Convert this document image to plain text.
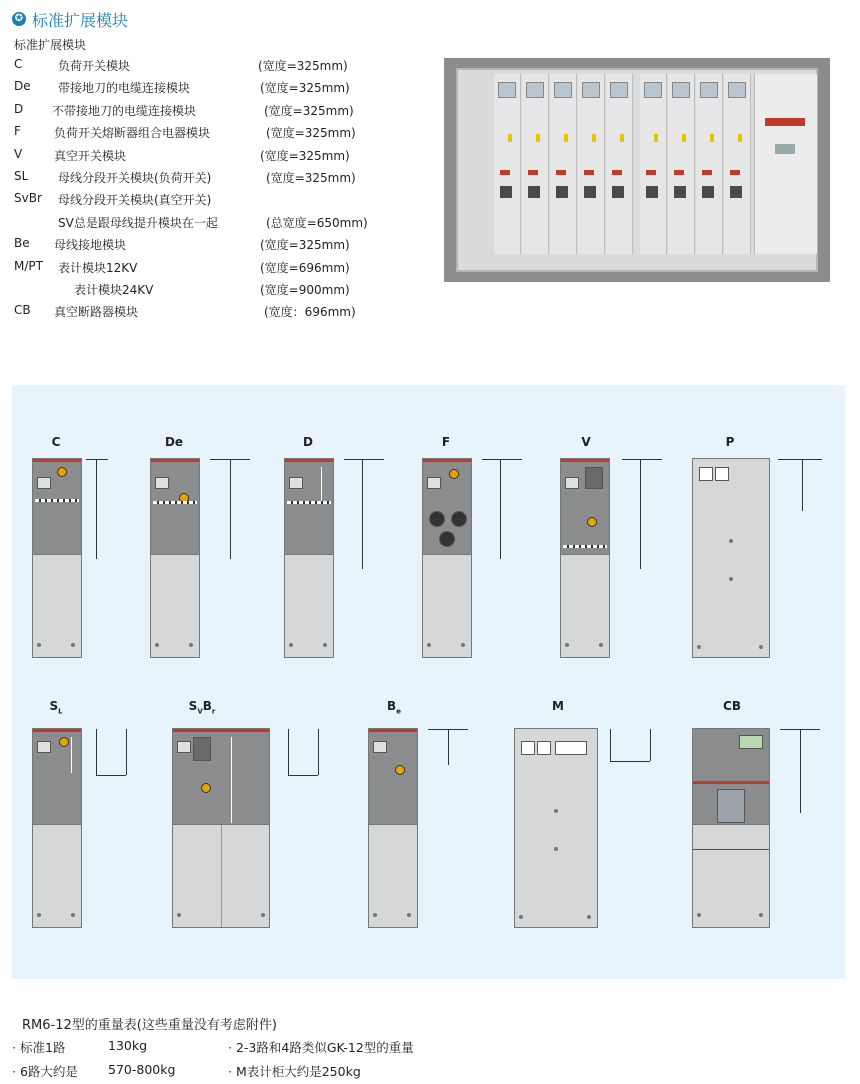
✪ 标准扩展模块
标准扩展模块
C	负荷开关模块	(宽度=325mm)
De 带接地刀的电缆连接模块	(宽度=325mm)
D 不带接地刀的电缆连接模块	(宽度=325mm)
F	负荷开关熔断器组合电器模块	(宽度=325mm)
V	真空开关模块	(宽度=325mm)
SL 母线分段开关模块(负荷开关)	(宽度=325mm)
SvBr 母线分段开关模块(真空开关)
SV总是跟母线提升模块在一起	(总宽度=650mm)
Be 母线接地模块	(宽度=325mm)
M/PT 表计模块12KV	(宽度=696mm)
表计模块24KV	(宽度=900mm)
CB 真空断路器模块	(宽度：696mm)
C	De	D	F	V	P
$S_L$	$S_VB_r$	$B_e$	M	CB
RM6-12型的重量表(这些重量没有考虑附件)
· 标准1路	130kg	· 2-3路和4路类似GK-12型的重量
· 6路大约是 570-800kg	· M表计柜大约是250kg
